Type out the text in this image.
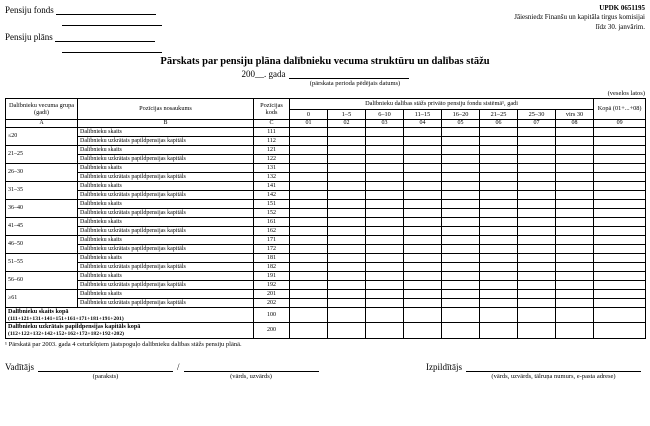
Pensiju fonds
Pensiju plāns
UPDK 0651195
Jāiesniedz Finanšu un kapitāla tirgus komisijai
līdz 30. janvārim.
Pārskats par pensiju plāna dalībnieku vecuma struktūru un dalības stāžu
200__. gada
(pārskata perioda pēdējais datums)
(veselos latos)
Dalībnieku vecuma grupa (gadi)	Pozīcijas nosaukums	Pozīcijas kods	Dalībnieku dalības stāžs privāto pensiju fondu sistēmā¹, gadi								Kopā (01+...+08)
			0	1–5	6–10	11–15	16–20	21–25	25–30	virs 30	
A	B	C	01	02	03	04	05	06	07	08	09
≤20	Dalībnieku skaits	111									
	Dalībnieku uzkrātais papildpensijas kapitāls	112									
21–25	Dalībnieku skaits	121									
	Dalībnieku uzkrātais papildpensijas kapitāls	122									
26–30	Dalībnieku skaits	131									
	Dalībnieku uzkrātais papildpensijas kapitāls	132									
31–35	Dalībnieku skaits	141									
	Dalībnieku uzkrātais papildpensijas kapitāls	142									
36–40	Dalībnieku skaits	151									
	Dalībnieku uzkrātais papildpensijas kapitāls	152									
41–45	Dalībnieku skaits	161									
	Dalībnieku uzkrātais papildpensijas kapitāls	162									
46–50	Dalībnieku skaits	171									
	Dalībnieku uzkrātais papildpensijas kapitāls	172									
51–55	Dalībnieku skaits	181									
	Dalībnieku uzkrātais papildpensijas kapitāls	182									
56–60	Dalībnieku skaits	191									
	Dalībnieku uzkrātais papildpensijas kapitāls	192									
≥61	Dalībnieku skaits	201									
	Dalībnieku uzkrātais papildpensijas kapitāls	202									

Dalībnieku skaits kopā
(111+121+131+141+151+161+171+181+191+201)		100									

Dalībnieku uzkrātais papildpensijas kapitāls kopā
(112+122+132+142+152+162+172+182+192+202)		200									
¹ Pārskatā par 2003. gada 4 ceturkšņiem jāatspoguļo dalībnieku dalības stāžs pensiju plānā.
Vadītājs
(paraksts)
/
(vārds, uzvārds)
Izpildītājs
(vārds, uzvārds, tālruņa numurs, e-pasta adrese)
